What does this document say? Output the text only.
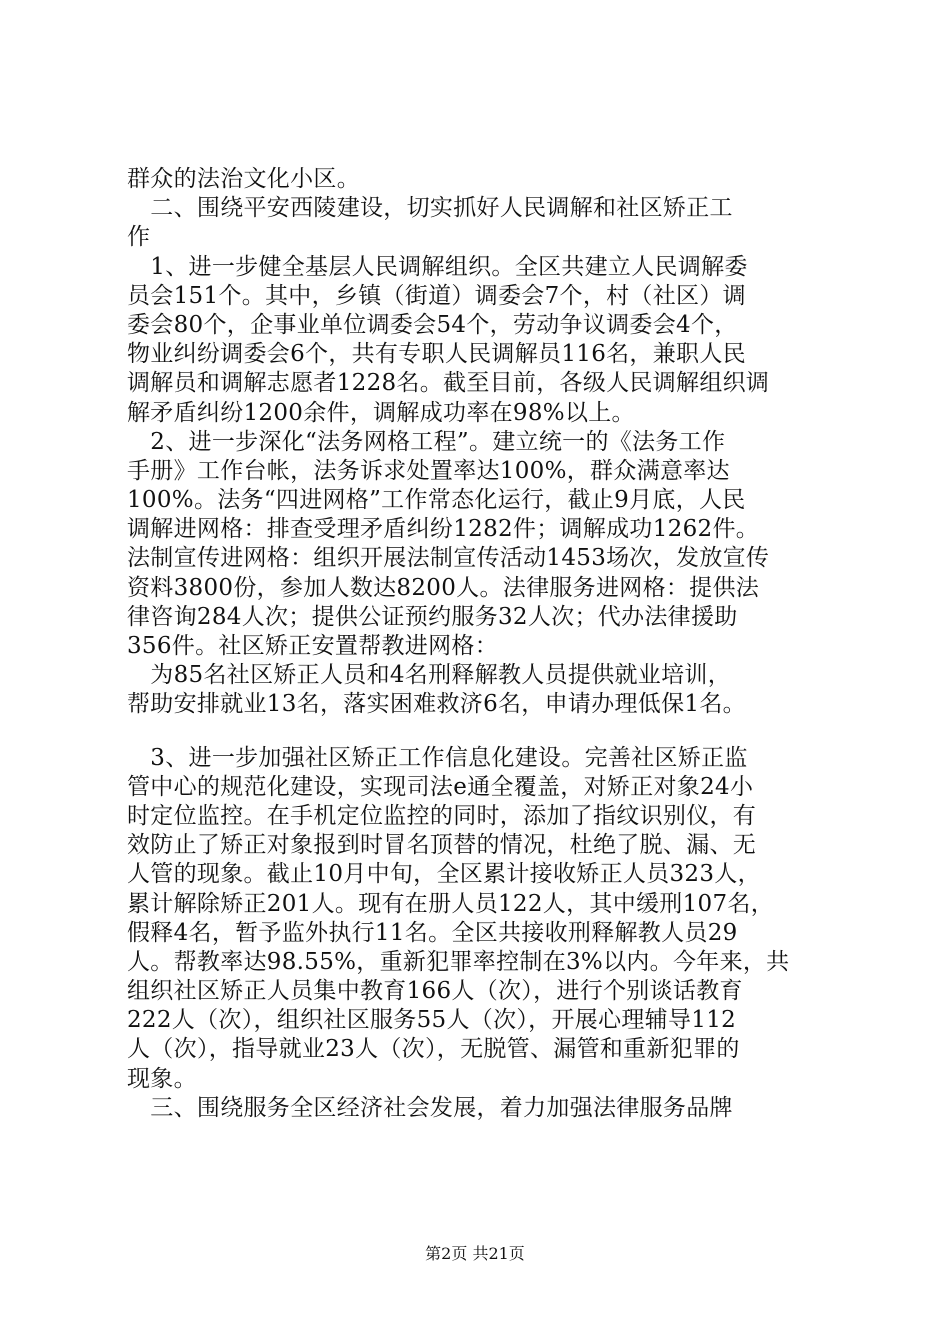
群众的法治文化小区。
　二、围绕平安西陵建设，切实抓好人民调解和社区矫正工
作
　1、进一步健全基层人民调解组织。全区共建立人民调解委
员会151个。其中，乡镇（街道）调委会7个，村（社区）调
委会80个，企事业单位调委会54个，劳动争议调委会4个，
物业纠纷调委会6个，共有专职人民调解员116名，兼职人民
调解员和调解志愿者1228名。截至目前，各级人民调解组织调
解矛盾纠纷1200余件，调解成功率在98%以上。
　2、进一步深化“法务网格工程”。建立统一的《法务工作
手册》工作台帐，法务诉求处置率达100%，群众满意率达
100%。法务“四进网格”工作常态化运行，截止9月底，人民
调解进网格：排查受理矛盾纠纷1282件；调解成功1262件。
法制宣传进网格：组织开展法制宣传活动1453场次，发放宣传
资料3800份，参加人数达8200人。法律服务进网格：提供法
律咨询284人次；提供公证预约服务32人次；代办法律援助
356件。社区矫正安置帮教进网格：
　为85名社区矫正人员和4名刑释解教人员提供就业培训，
帮助安排就业13名，落实困难救济6名，申请办理低保1名。
　3、进一步加强社区矫正工作信息化建设。完善社区矫正监
管中心的规范化建设，实现司法e通全覆盖，对矫正对象24小
时定位监控。在手机定位监控的同时，添加了指纹识别仪，有
效防止了矫正对象报到时冒名顶替的情况，杜绝了脱、漏、无
人管的现象。截止10月中旬，全区累计接收矫正人员323人，
累计解除矫正201人。现有在册人员122人，其中缓刑107名，
假释4名，暂予监外执行11名。全区共接收刑释解教人员29
人。帮教率达98.55%，重新犯罪率控制在3%以内。今年来，共
组织社区矫正人员集中教育166人（次），进行个别谈话教育
222人（次），组织社区服务55人（次），开展心理辅导112
人（次），指导就业23人（次），无脱管、漏管和重新犯罪的
现象。
　三、围绕服务全区经济社会发展，着力加强法律服务品牌
第2页 共21页
